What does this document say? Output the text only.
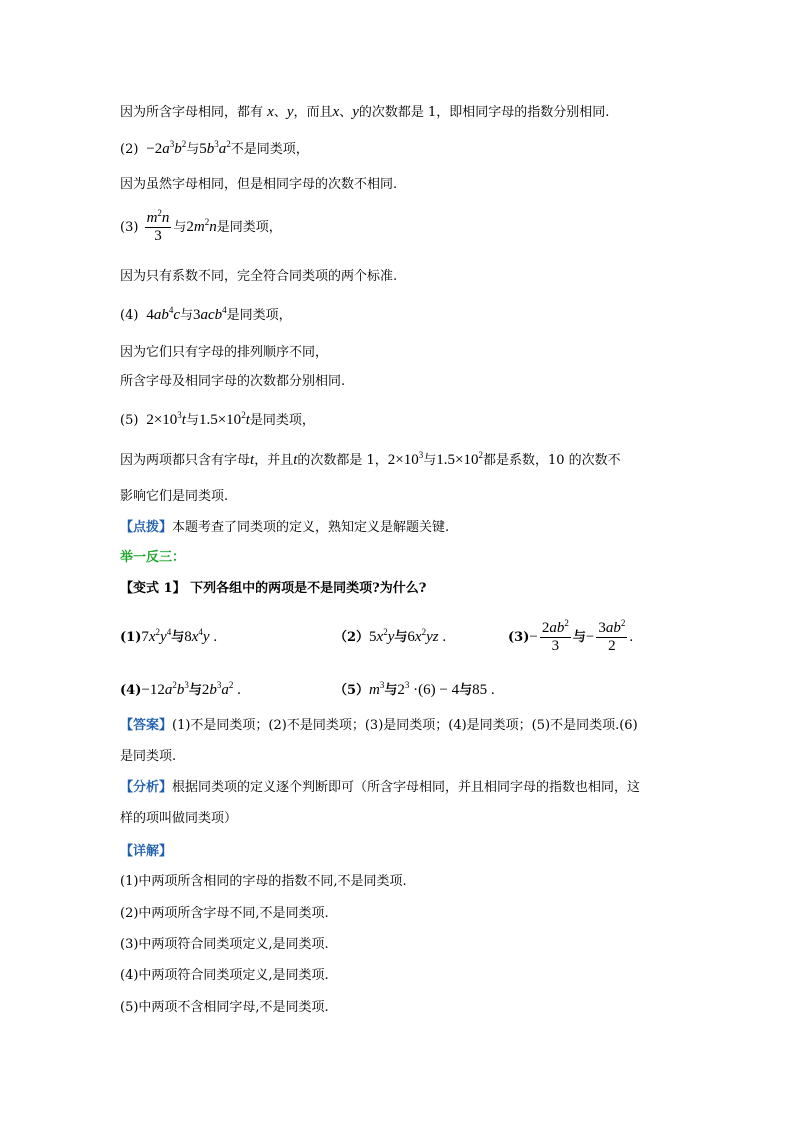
因为所含字母相同，都有 x、y，而且x、y的次数都是 1，即相同字母的指数分别相同.
$(2) -2a^3b^2$与$5b^3a^2$不是同类项，
因为虽然字母相同，但是相同字母的次数不相同.
$(3) \frac{m^2n}{3}$ 与$2m^2n$是同类项，
因为只有系数不同，完全符合同类项的两个标准.
(4)  $4ab^4c$与3acb$^4$是同类项，
因为它们只有字母的排列顺序不同，
所含字母及相同字母的次数都分别相同.
(5)  $2\times 10^3t$与$1.5\times 10^2t$是同类项，
因为两项都只含有字母t，并且t的次数都是 1，$2\times 10^3$与$1.5\times 10^2$都是系数，10 的次数不
影响它们是同类项.
【点拨】本题考查了同类项的定义，熟知定义是解题关键.
举一反三：
【变式 1】 下列各组中的两项是不是同类项?为什么?
$(1)7x^2y^4$与$8x^4y$ .	$(2)5x^2y$与$6x^2yz$ .	$(3)- \frac{2ab^2}{3}$ 与− $\frac{3ab^2}{2}$ .
$(4)-12a^2b^3$与$2b^3a^2$ .	$(5)m^3$与$2^3 \cdot(6) - 4$与85 .
【答案】(1)不是同类项；(2)不是同类项；(3)是同类项；(4)是同类项；(5)不是同类项.(6)
是同类项.
【分析】根据同类项的定义逐个判断即可（所含字母相同，并且相同字母的指数也相同，这
样的项叫做同类项）
【详解】
(1)中两项所含相同的字母的指数不同,不是同类项.
(2)中两项所含字母不同,不是同类项.
(3)中两项符合同类项定义,是同类项.
(4)中两项符合同类项定义,是同类项.
(5)中两项不含相同字母,不是同类项.
